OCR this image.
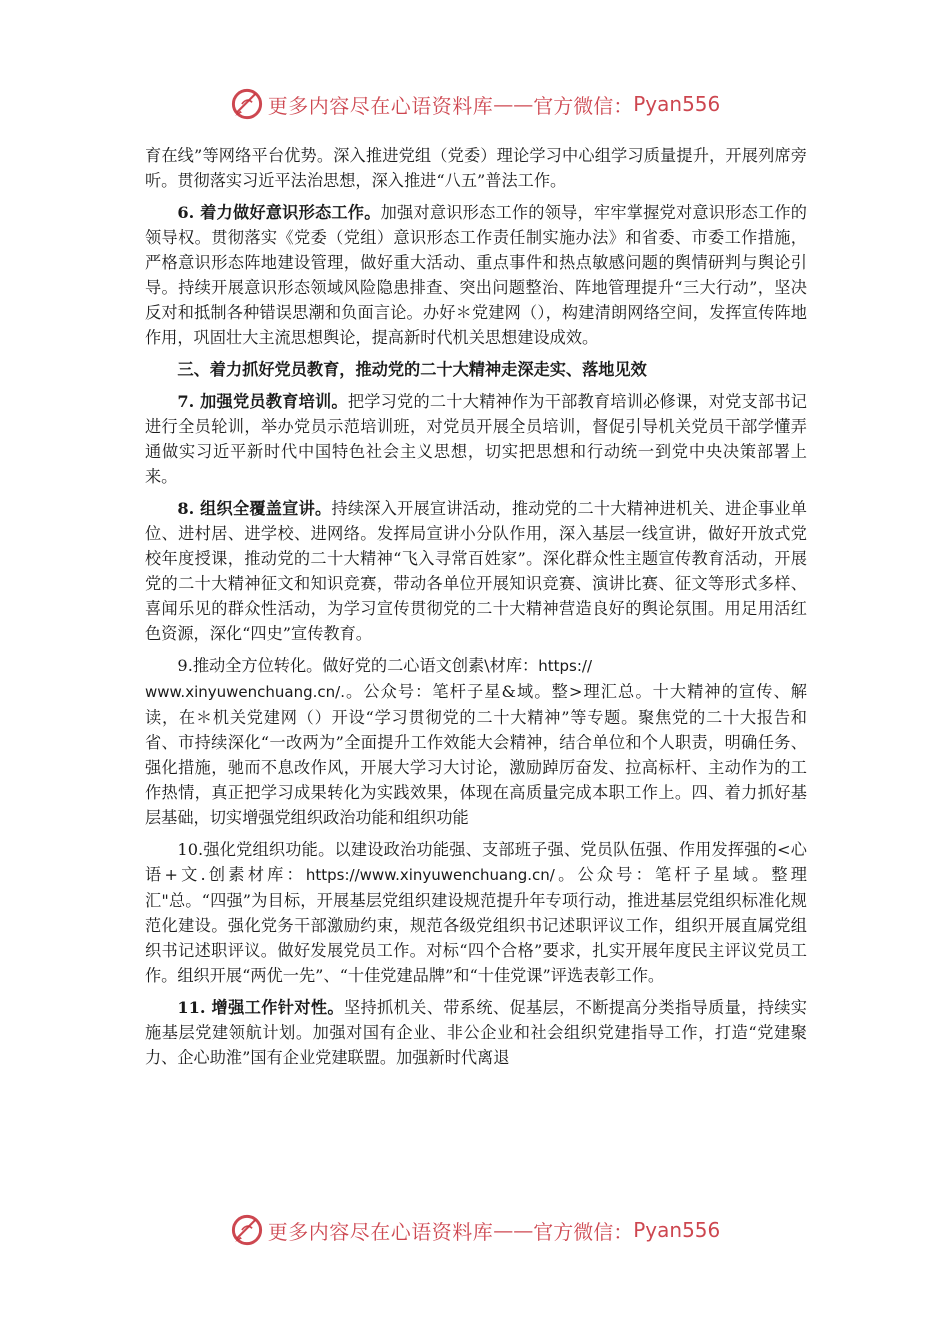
更多内容尽在心语资料库 —— 官方微信： Pyan556

育在线”等网络平台优势。深入推进党组（党委）理论学习中心组学习质量提升，开展列席旁听。贯彻落实习近平法治思想，深入推进“八五”普法工作。

6. 着力做好意识形态工作。加强对意识形态工作的领导，牢牢掌握党对意识形态工作的领导权。贯彻落实《党委（党组）意识形态工作责任制实施办法》和省委、市委工作措施，严格意识形态阵地建设管理，做好重大活动、重点事件和热点敏感问题的舆情研判与舆论引导。持续开展意识形态领域风险隐患排查、突出问题整治、阵地管理提升“三大行动”，坚决反对和抵制各种错误思潮和负面言论。办好＊党建网（），构建清朗网络空间，发挥宣传阵地作用，巩固壮大主流思想舆论，提高新时代机关思想建设成效。

三、着力抓好党员教育，推动党的二十大精神走深走实、落地见效

7. 加强党员教育培训。把学习党的二十大精神作为干部教育培训必修课，对党支部书记进行全员轮训，举办党员示范培训班，对党员开展全员培训，督促引导机关党员干部学懂弄通做实习近平新时代中国特色社会主义思想，切实把思想和行动统一到党中央决策部署上来。

8. 组织全覆盖宣讲。持续深入开展宣讲活动，推动党的二十大精神进机关、进企事业单位、进村居、进学校、进网络。发挥局宣讲小分队作用，深入基层一线宣讲，做好开放式党校年度授课，推动党的二十大精神“飞入寻常百姓家”。深化群众性主题宣传教育活动，开展党的二十大精神征文和知识竞赛，带动各单位开展知识竞赛、演讲比赛、征文等形式多样、喜闻乐见的群众性活动，为学习宣传贯彻党的二十大精神营造良好的舆论氛围。用足用活红色资源，深化“四史”宣传教育。

9.推动全方位转化。做好党的二心语文创素\材库：https://
www.xinyuwenchuang.cn/.。公众号：笔杆子星&域。整>理汇总。十大精神的宣传、解读，在＊机关党建网（）开设“学习贯彻党的二十大精神”等专题。聚焦党的二十大报告和省、市持续深化“一改两为”全面提升工作效能大会精神，结合单位和个人职责，明确任务、强化措施，驰而不息改作风，开展大学习大讨论，激励踔厉奋发、拉高标杆、主动作为的工作热情，真正把学习成果转化为实践效果，体现在高质量完成本职工作上。四、着力抓好基层基础，切实增强党组织政治功能和组织功能

10.强化党组织功能。以建设政治功能强、支部班子强、党员队伍强、作用发挥强的<心语+文.创素材库：https://www.xinyuwenchuang.cn/。公众号：笔杆子星域。整理汇"总。“四强”为目标，开展基层党组织建设规范提升年专项行动，推进基层党组织标准化规范化建设。强化党务干部激励约束，规范各级党组织书记述职评议工作，组织开展直属党组织书记述职评议。做好发展党员工作。对标“四个合格”要求，扎实开展年度民主评议党员工作。组织开展“两优一先”、“十佳党建品牌”和“十佳党课”评选表彰工作。

11. 增强工作针对性。坚持抓机关、带系统、促基层，不断提高分类指导质量，持续实施基层党建领航计划。加强对国有企业、非公企业和社会组织党建指导工作，打造“党建聚力、企心助淮”国有企业党建联盟。加强新时代离退

更多内容尽在心语资料库 —— 官方微信： Pyan556
